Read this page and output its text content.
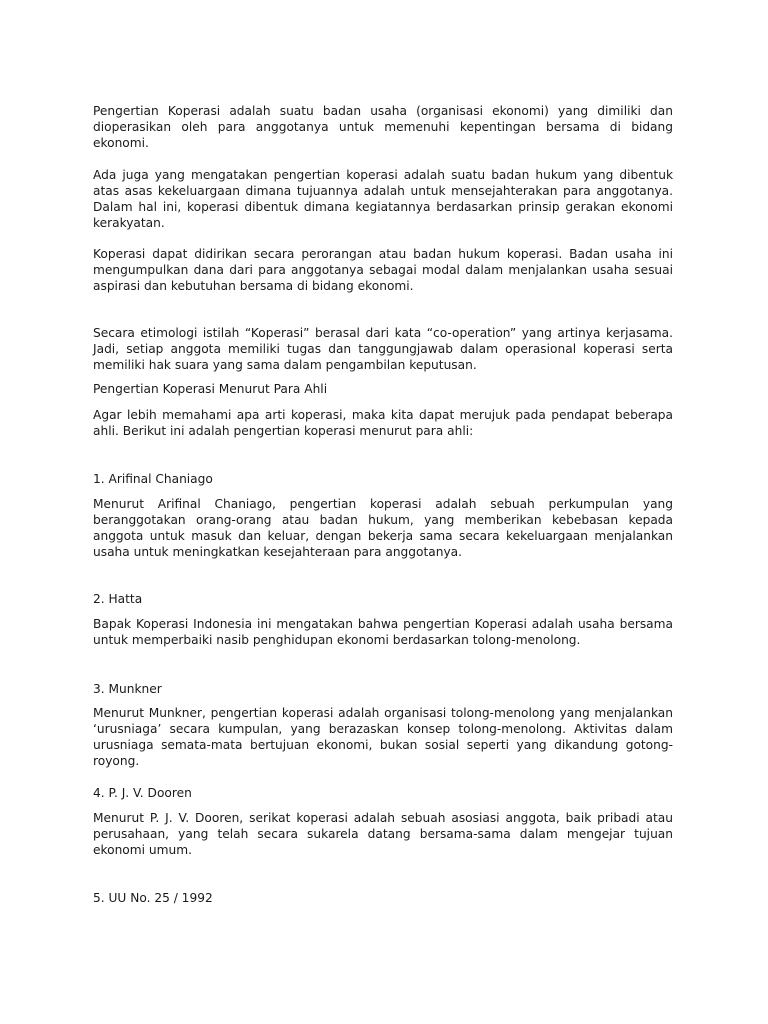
Pengertian Koperasi adalah suatu badan usaha (organisasi ekonomi) yang dimiliki dan dioperasikan oleh para anggotanya untuk memenuhi kepentingan bersama di bidang ekonomi.

Ada juga yang mengatakan pengertian koperasi adalah suatu badan hukum yang dibentuk atas asas kekeluargaan dimana tujuannya adalah untuk mensejahterakan para anggotanya. Dalam hal ini, koperasi dibentuk dimana kegiatannya berdasarkan prinsip gerakan ekonomi kerakyatan.

Koperasi dapat didirikan secara perorangan atau badan hukum koperasi. Badan usaha ini mengumpulkan dana dari para anggotanya sebagai modal dalam menjalankan usaha sesuai aspirasi dan kebutuhan bersama di bidang ekonomi.

Secara etimologi istilah “Koperasi” berasal dari kata “co-operation” yang artinya kerjasama. Jadi, setiap anggota memiliki tugas dan tanggungjawab dalam operasional koperasi serta memiliki hak suara yang sama dalam pengambilan keputusan.

Pengertian Koperasi Menurut Para Ahli

Agar lebih memahami apa arti koperasi, maka kita dapat merujuk pada pendapat beberapa ahli. Berikut ini adalah pengertian koperasi menurut para ahli:

1. Arifinal Chaniago

Menurut Arifinal Chaniago, pengertian koperasi adalah sebuah perkumpulan yang beranggotakan orang-orang atau badan hukum, yang memberikan kebebasan kepada anggota untuk masuk dan keluar, dengan bekerja sama secara kekeluargaan menjalankan usaha untuk meningkatkan kesejahteraan para anggotanya.

2. Hatta

Bapak Koperasi Indonesia ini mengatakan bahwa pengertian Koperasi adalah usaha bersama untuk memperbaiki nasib penghidupan ekonomi berdasarkan tolong-menolong.

3. Munkner

Menurut Munkner, pengertian koperasi adalah organisasi tolong-menolong yang menjalankan ‘urusniaga’ secara kumpulan, yang berazaskan konsep tolong-menolong. Aktivitas dalam urusniaga semata-mata bertujuan ekonomi, bukan sosial seperti yang dikandung gotong-royong.

4. P. J. V. Dooren

Menurut P. J. V. Dooren, serikat koperasi adalah sebuah asosiasi anggota, baik pribadi atau perusahaan, yang telah secara sukarela datang bersama-sama dalam mengejar tujuan ekonomi umum.

5. UU No. 25 / 1992
